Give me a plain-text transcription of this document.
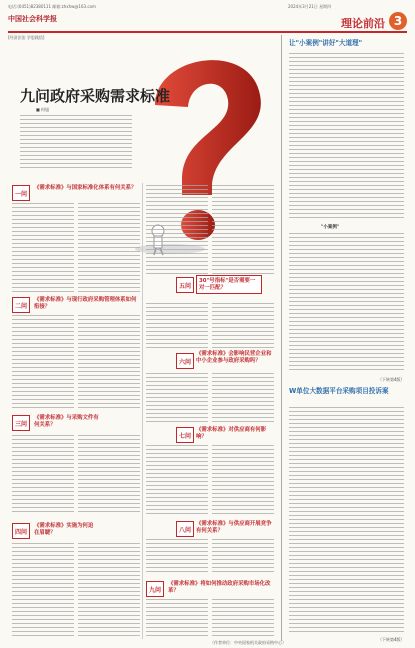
电话:(0451)82380111 邮箱:zhxhw@163.com	2024年3月21日 星期四
中国社会科学报	理论前沿 3
[经济法治 学思践悟]
九问政府采购需求标准
■ 何旭
一问
《需求标准》与国家标准化体系有何关系？
二问
《需求标准》与现行政府采购管理体系如何衔接？
三问
《需求标准》与采购文件有何关系？
四问
《需求标准》实施为何迫在眉睫？
五问
30"号指标"是否需要一对一匹配？
六问
《需求标准》会影响民营企业和中小企业参与政府采购吗？
七问
《需求标准》对供应商有何影响？
八问
《需求标准》与供应商开展竞争有何关系？
九问
《需求标准》将如何推动政府采购市场化改革？
让"小案例"讲好"大道理"
"小案例"
（下转第4版）
W单位大数据平台采购项目投诉案
（下转第4版）
（作者单位：中央国家机关政府采购中心）
